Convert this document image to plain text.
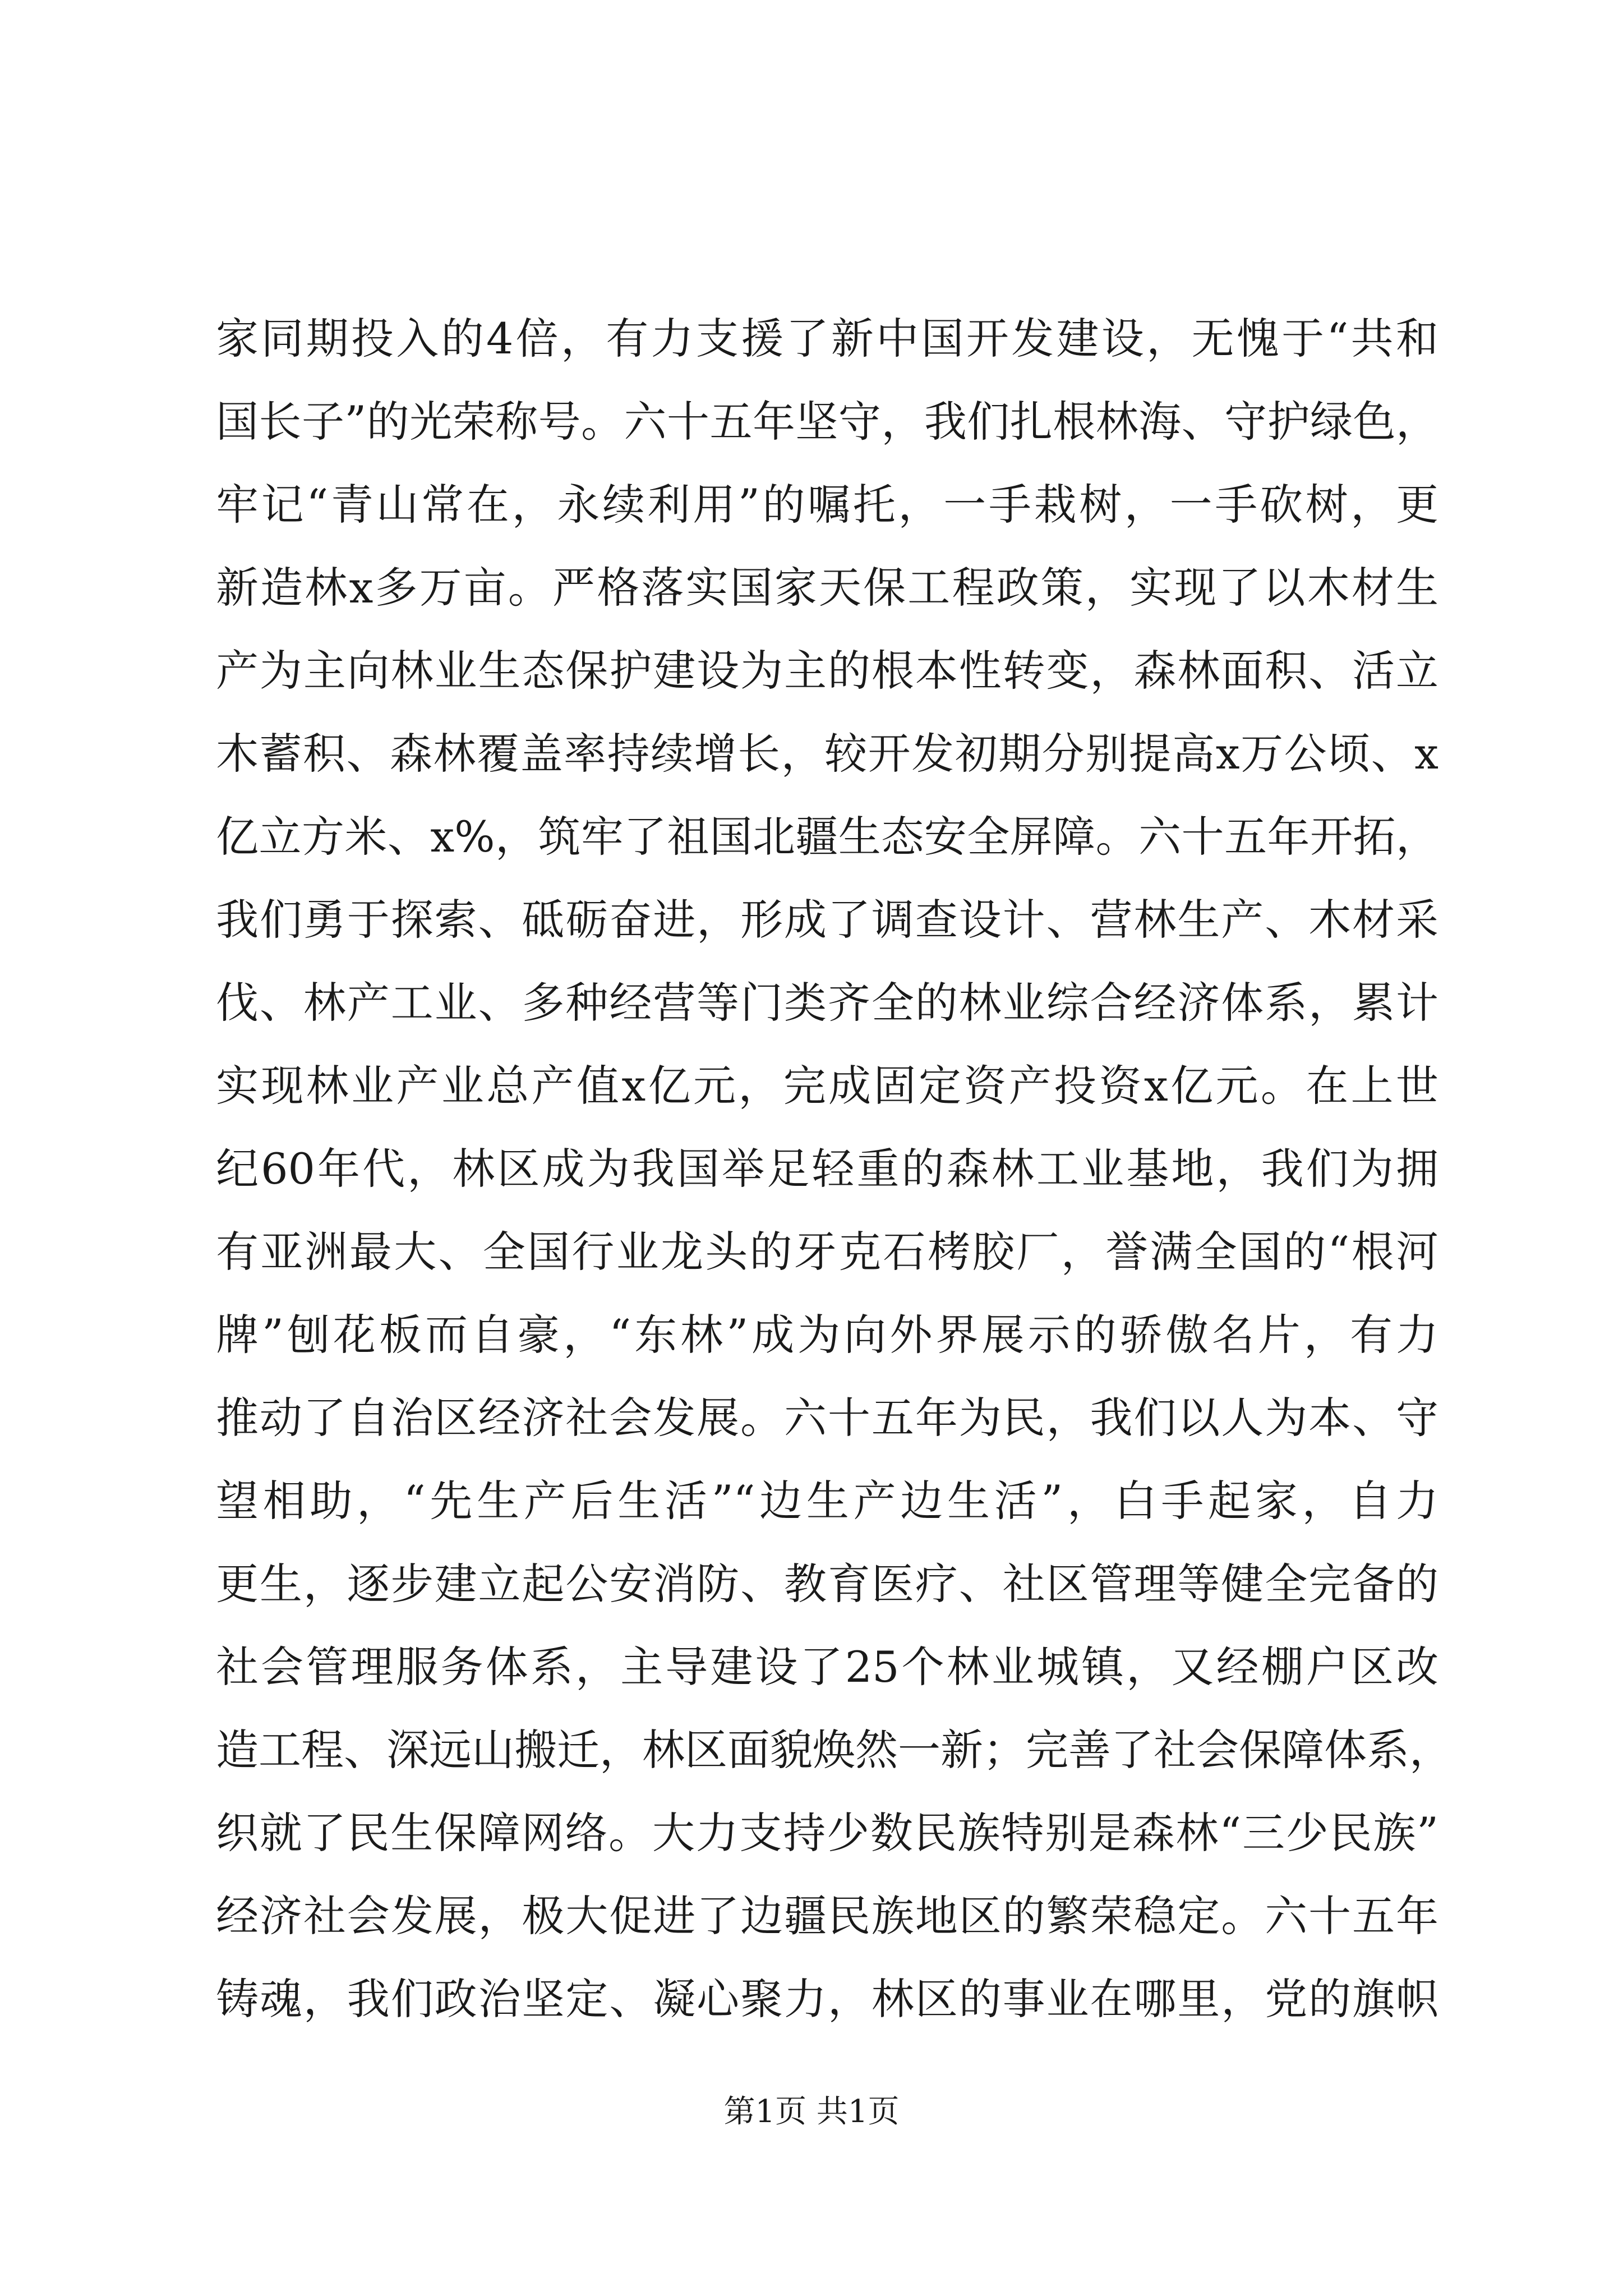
家同期投入的4倍，有力支援了新中国开发建设，无愧于“共和
国长子”的光荣称号。六十五年坚守，我们扎根林海、守护绿色，
牢记“青山常在，永续利用”的嘱托，一手栽树，一手砍树，更
新造林x多万亩。严格落实国家天保工程政策，实现了以木材生
产为主向林业生态保护建设为主的根本性转变，森林面积、活立
木蓄积、森林覆盖率持续增长，较开发初期分别提高x万公顷、x
亿立方米、x%，筑牢了祖国北疆生态安全屏障。六十五年开拓，
我们勇于探索、砥砺奋进，形成了调查设计、营林生产、木材采
伐、林产工业、多种经营等门类齐全的林业综合经济体系，累计
实现林业产业总产值x亿元，完成固定资产投资x亿元。在上世
纪60年代，林区成为我国举足轻重的森林工业基地，我们为拥
有亚洲最大、全国行业龙头的牙克石栲胶厂，誉满全国的“根河
牌”刨花板而自豪，“东林”成为向外界展示的骄傲名片，有力
推动了自治区经济社会发展。六十五年为民，我们以人为本、守
望相助，“先生产后生活”“边生产边生活”，白手起家，自力
更生，逐步建立起公安消防、教育医疗、社区管理等健全完备的
社会管理服务体系，主导建设了25个林业城镇，又经棚户区改
造工程、深远山搬迁，林区面貌焕然一新；完善了社会保障体系，
织就了民生保障网络。大力支持少数民族特别是森林“三少民族”
经济社会发展，极大促进了边疆民族地区的繁荣稳定。六十五年
铸魂，我们政治坚定、凝心聚力，林区的事业在哪里，党的旗帜
第1页 共1页
